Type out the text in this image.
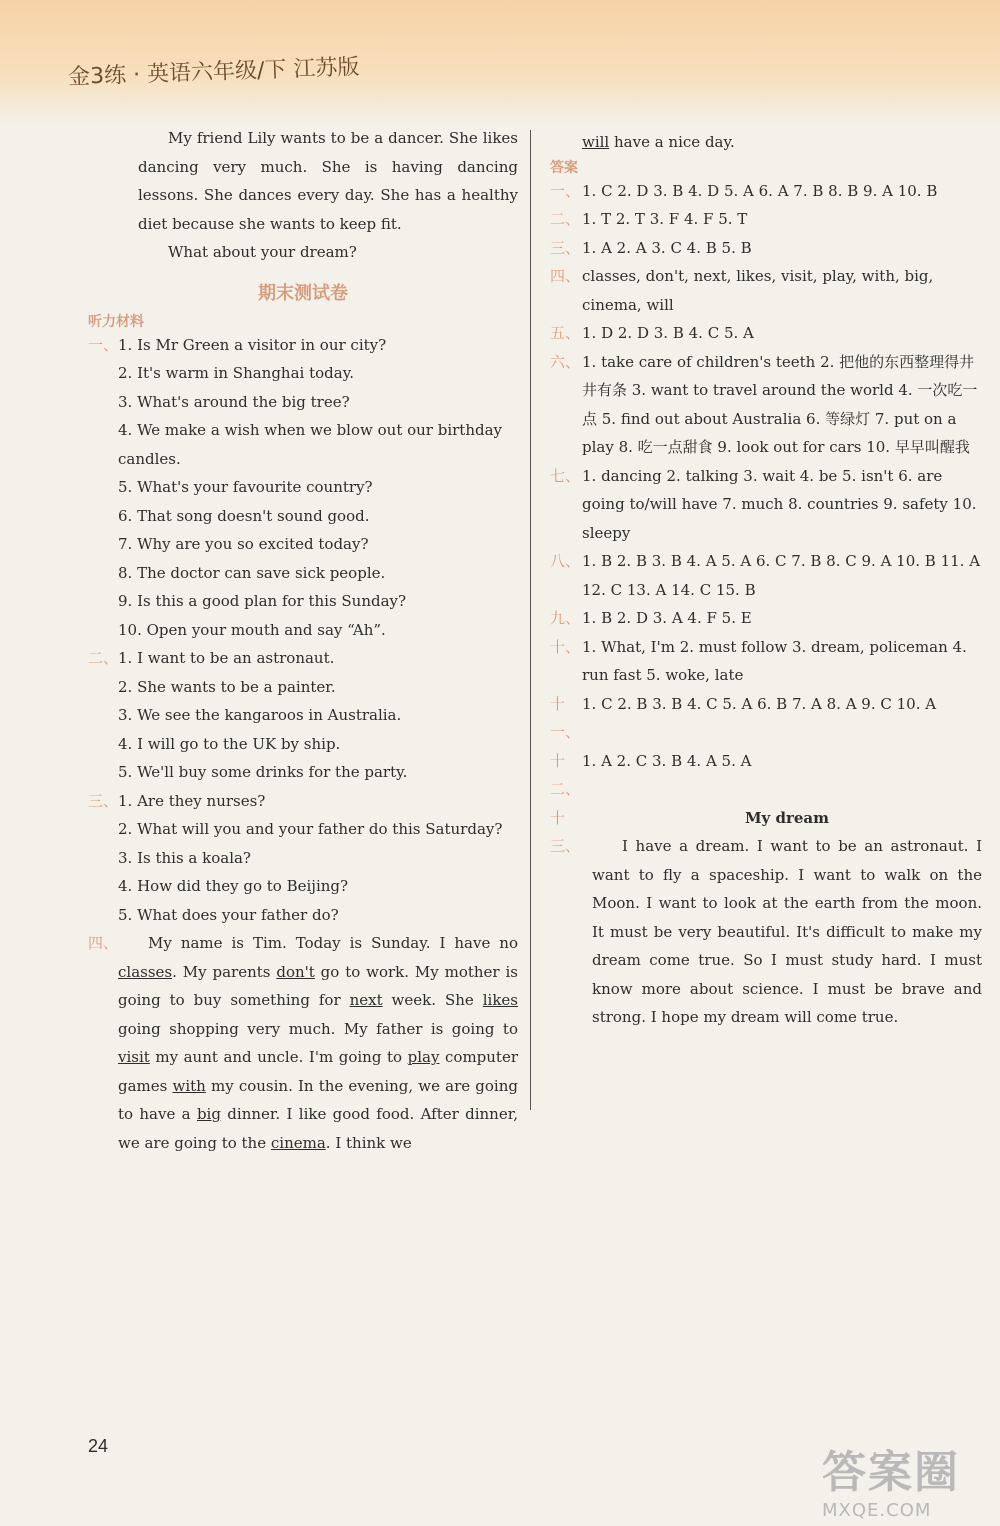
金3练 · 英语六年级/下 江苏版

My friend Lily wants to be a dancer. She likes dancing very much. She is having dancing lessons. She dances every day. She has a healthy diet because she wants to keep fit.

What about your dream?

期末测试卷
听力材料
一、 1. Is Mr Green a visitor in our city?
2. It's warm in Shanghai today.
3. What's around the big tree?
4. We make a wish when we blow out our birthday candles.
5. What's your favourite country?
6. That song doesn't sound good.
7. Why are you so excited today?
8. The doctor can save sick people.
9. Is this a good plan for this Sunday?
10. Open your mouth and say “Ah”.
二、 1. I want to be an astronaut.
2. She wants to be a painter.
3. We see the kangaroos in Australia.
4. I will go to the UK by ship.
5. We'll buy some drinks for the party.
三、 1. Are they nurses?
2. What will you and your father do this Saturday?
3. Is this a koala?
4. How did they go to Beijing?
5. What does your father do?
四、	My name is Tim. Today is Sunday. I have no classes. My parents don't go to work. My mother is going to buy something for next week. She likes going shopping very much. My father is going to visit my aunt and uncle. I'm going to play computer games with my cousin. In the evening, we are going to have a big dinner. I like good food. After dinner, we are going to the cinema. I think we

will have a nice day.
答案
一、 1. C 2. D 3. B 4. D 5. A 6. A 7. B 8. B 9. A 10. B
二、 1. T 2. T 3. F 4. F 5. T
三、 1. A 2. A 3. C 4. B 5. B
四、 classes, don't, next, likes, visit, play, with, big, cinema, will
五、 1. D 2. D 3. B 4. C 5. A
六、 1. take care of children's teeth 2. 把他的东西整理得井井有条 3. want to travel around the world 4. 一次吃一点 5. find out about Australia 6. 等绿灯 7. put on a play 8. 吃一点甜食 9. look out for cars 10. 早早叫醒我
七、 1. dancing 2. talking 3. wait 4. be 5. isn't 6. are going to/will have 7. much 8. countries 9. safety 10. sleepy
八、 1. B 2. B 3. B 4. A 5. A 6. C 7. B 8. C 9. A 10. B 11. A 12. C 13. A 14. C 15. B
九、 1. B 2. D 3. A 4. F 5. E
十、 1. What, I'm 2. must follow 3. dream, policeman 4. run fast 5. woke, late
十一、
1. C 2. B 3. B 4. C 5. A 6. B 7. A 8. A 9. C 10. A
十二、
1. A 2. C 3. B 4. A 5. A
十三、
My dream

I have a dream. I want to be an astronaut. I want to fly a spaceship. I want to walk on the Moon. I want to look at the earth from the moon. It must be very beautiful. It's difficult to make my dream come true. So I must study hard. I must know more about science. I must be brave and strong. I hope my dream will come true.

24
答案圈
MXQE.COM
